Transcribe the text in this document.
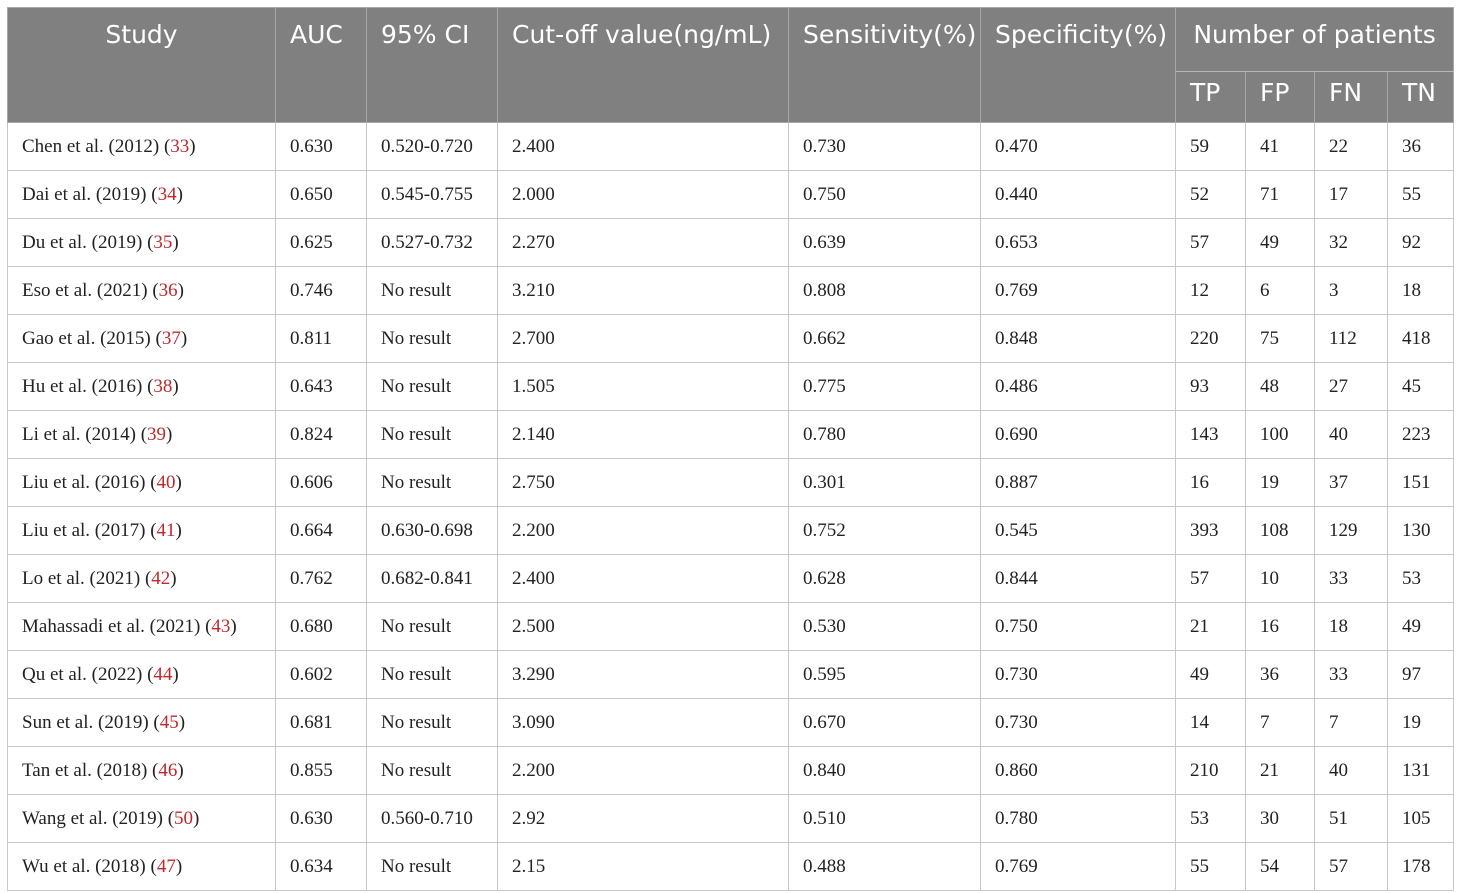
Study	AUC	95% CI	Cut-off value(ng/mL)	Sensitivity(%)	Specificity(%)	Number of patients			
						TP	FP	FN	TN
Chen et al. (2012) (33)	0.630	0.520-0.720	2.400	0.730	0.470	59	41	22	36
Dai et al. (2019) (34)	0.650	0.545-0.755	2.000	0.750	0.440	52	71	17	55
Du et al. (2019) (35)	0.625	0.527-0.732	2.270	0.639	0.653	57	49	32	92
Eso et al. (2021) (36)	0.746	No result	3.210	0.808	0.769	12	6	3	18
Gao et al. (2015) (37)	0.811	No result	2.700	0.662	0.848	220	75	112	418
Hu et al. (2016) (38)	0.643	No result	1.505	0.775	0.486	93	48	27	45
Li et al. (2014) (39)	0.824	No result	2.140	0.780	0.690	143	100	40	223
Liu et al. (2016) (40)	0.606	No result	2.750	0.301	0.887	16	19	37	151
Liu et al. (2017) (41)	0.664	0.630-0.698	2.200	0.752	0.545	393	108	129	130
Lo et al. (2021) (42)	0.762	0.682-0.841	2.400	0.628	0.844	57	10	33	53
Mahassadi et al. (2021) (43)	0.680	No result	2.500	0.530	0.750	21	16	18	49
Qu et al. (2022) (44)	0.602	No result	3.290	0.595	0.730	49	36	33	97
Sun et al. (2019) (45)	0.681	No result	3.090	0.670	0.730	14	7	7	19
Tan et al. (2018) (46)	0.855	No result	2.200	0.840	0.860	210	21	40	131
Wang et al. (2019) (50)	0.630	0.560-0.710	2.92	0.510	0.780	53	30	51	105
Wu et al. (2018) (47)	0.634	No result	2.15	0.488	0.769	55	54	57	178
